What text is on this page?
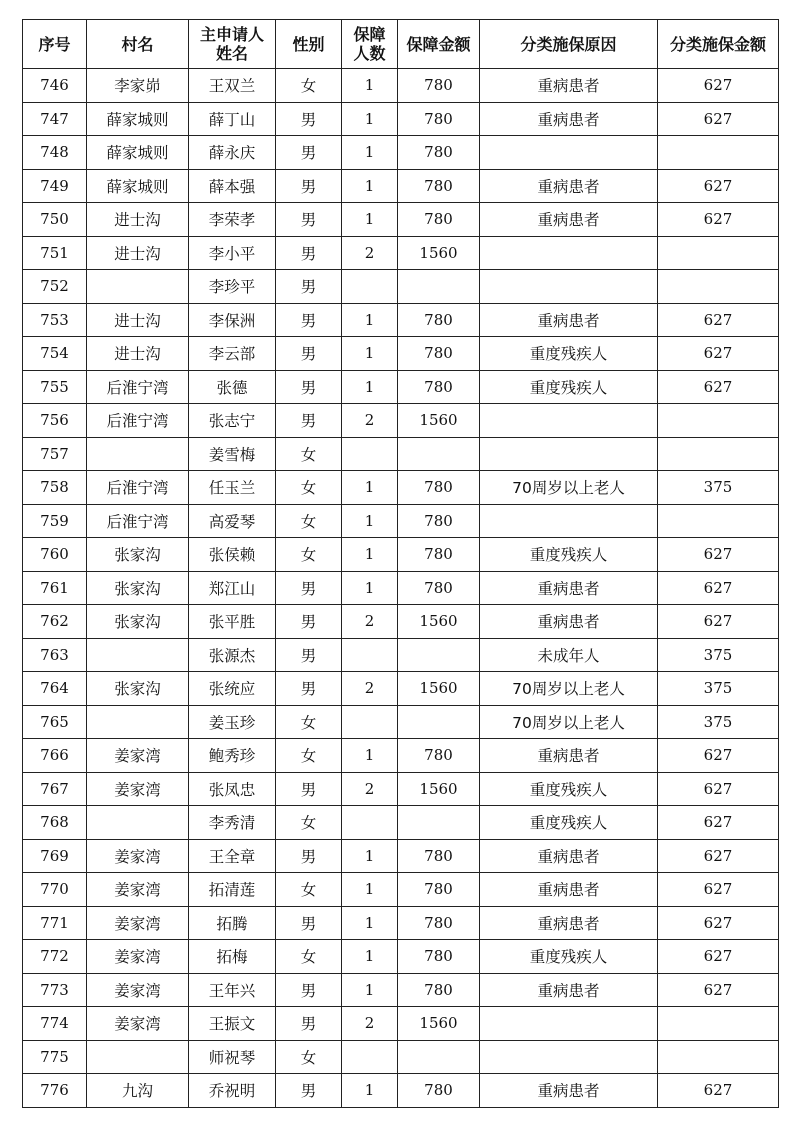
序号	村名	主申请人姓名	性别	保障人数	保障金额	分类施保原因	分类施保金额
746	李家峁	王双兰	女	1	780	重病患者	627
747	薛家城则	薛丁山	男	1	780	重病患者	627
748	薛家城则	薛永庆	男	1	780		
749	薛家城则	薛本强	男	1	780	重病患者	627
750	进士沟	李荣孝	男	1	780	重病患者	627
751	进士沟	李小平	男	2	1560		
752		李珍平	男				
753	进士沟	李保洲	男	1	780	重病患者	627
754	进士沟	李云部	男	1	780	重度残疾人	627
755	后淮宁湾	张德	男	1	780	重度残疾人	627
756	后淮宁湾	张志宁	男	2	1560		
757		姜雪梅	女				
758	后淮宁湾	任玉兰	女	1	780	70周岁以上老人	375
759	后淮宁湾	高爱琴	女	1	780		
760	张家沟	张侯赖	女	1	780	重度残疾人	627
761	张家沟	郑江山	男	1	780	重病患者	627
762	张家沟	张平胜	男	2	1560	重病患者	627
763		张源杰	男			未成年人	375
764	张家沟	张统应	男	2	1560	70周岁以上老人	375
765		姜玉珍	女			70周岁以上老人	375
766	姜家湾	鲍秀珍	女	1	780	重病患者	627
767	姜家湾	张凤忠	男	2	1560	重度残疾人	627
768		李秀清	女			重度残疾人	627
769	姜家湾	王全章	男	1	780	重病患者	627
770	姜家湾	拓清莲	女	1	780	重病患者	627
771	姜家湾	拓腾	男	1	780	重病患者	627
772	姜家湾	拓梅	女	1	780	重度残疾人	627
773	姜家湾	王年兴	男	1	780	重病患者	627
774	姜家湾	王振文	男	2	1560		
775		师祝琴	女				
776	九沟	乔祝明	男	1	780	重病患者	627
